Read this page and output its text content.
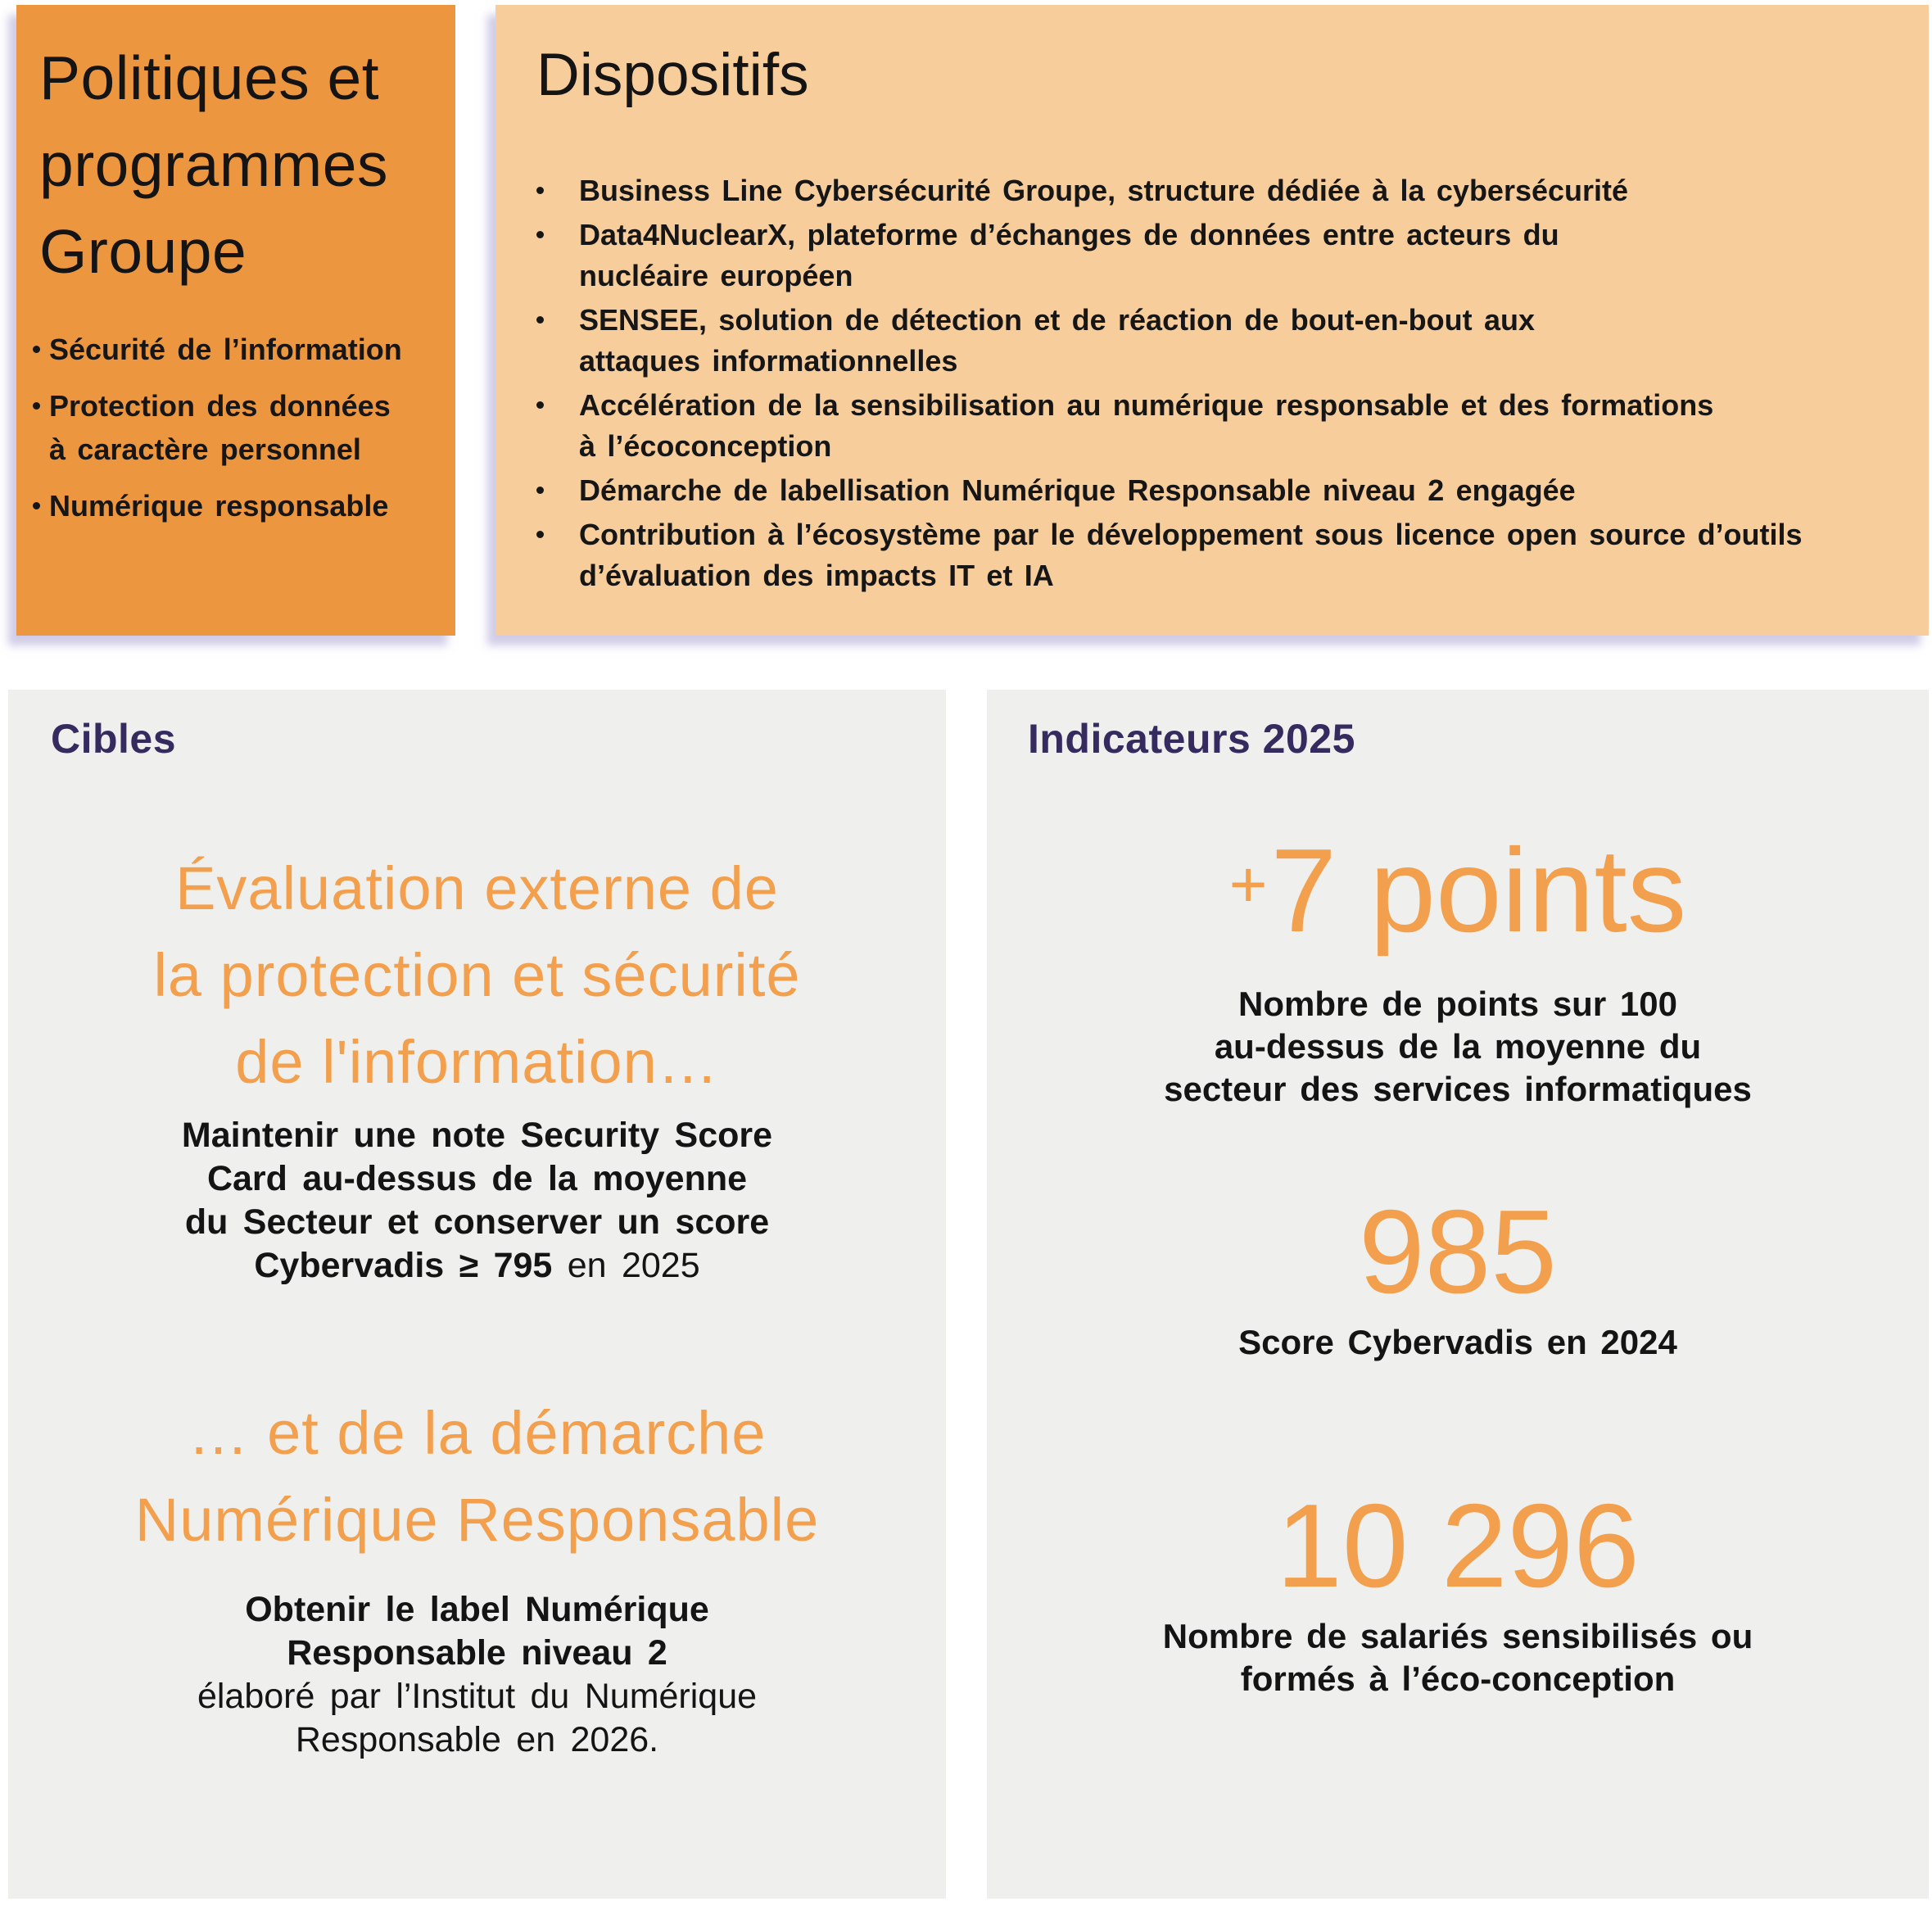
Politiques et
programmes
Groupe
Sécurité de l’information
Protection des données
à caractère personnel
Numérique responsable
Dispositifs
Business Line Cybersécurité Groupe, structure dédiée à la cybersécurité
Data4NuclearX, plateforme d’échanges de données entre acteurs du
nucléaire européen
SENSEE, solution de détection et de réaction de bout-en-bout aux
attaques informationnelles
Accélération de la sensibilisation au numérique responsable et des formations
à l’écoconception
Démarche de labellisation Numérique Responsable niveau 2 engagée
Contribution à l’écosystème par le développement sous licence open source d’outils
d’évaluation des impacts IT et IA
Cibles
Évaluation externe de
la protection et sécurité
de l'information…
Maintenir une note Security Score
Card au-dessus de la moyenne
du Secteur et conserver un score
Cybervadis ≥ 795 en 2025
… et de la démarche
Numérique Responsable
Obtenir le label Numérique
Responsable niveau 2
élaboré par l’Institut du Numérique
Responsable en 2026.
Indicateurs 2025
+7 points
Nombre de points sur 100
au-dessus de la moyenne du
secteur des services informatiques
985
Score Cybervadis en 2024
10 296
Nombre de salariés sensibilisés ou
formés à l’éco-conception
